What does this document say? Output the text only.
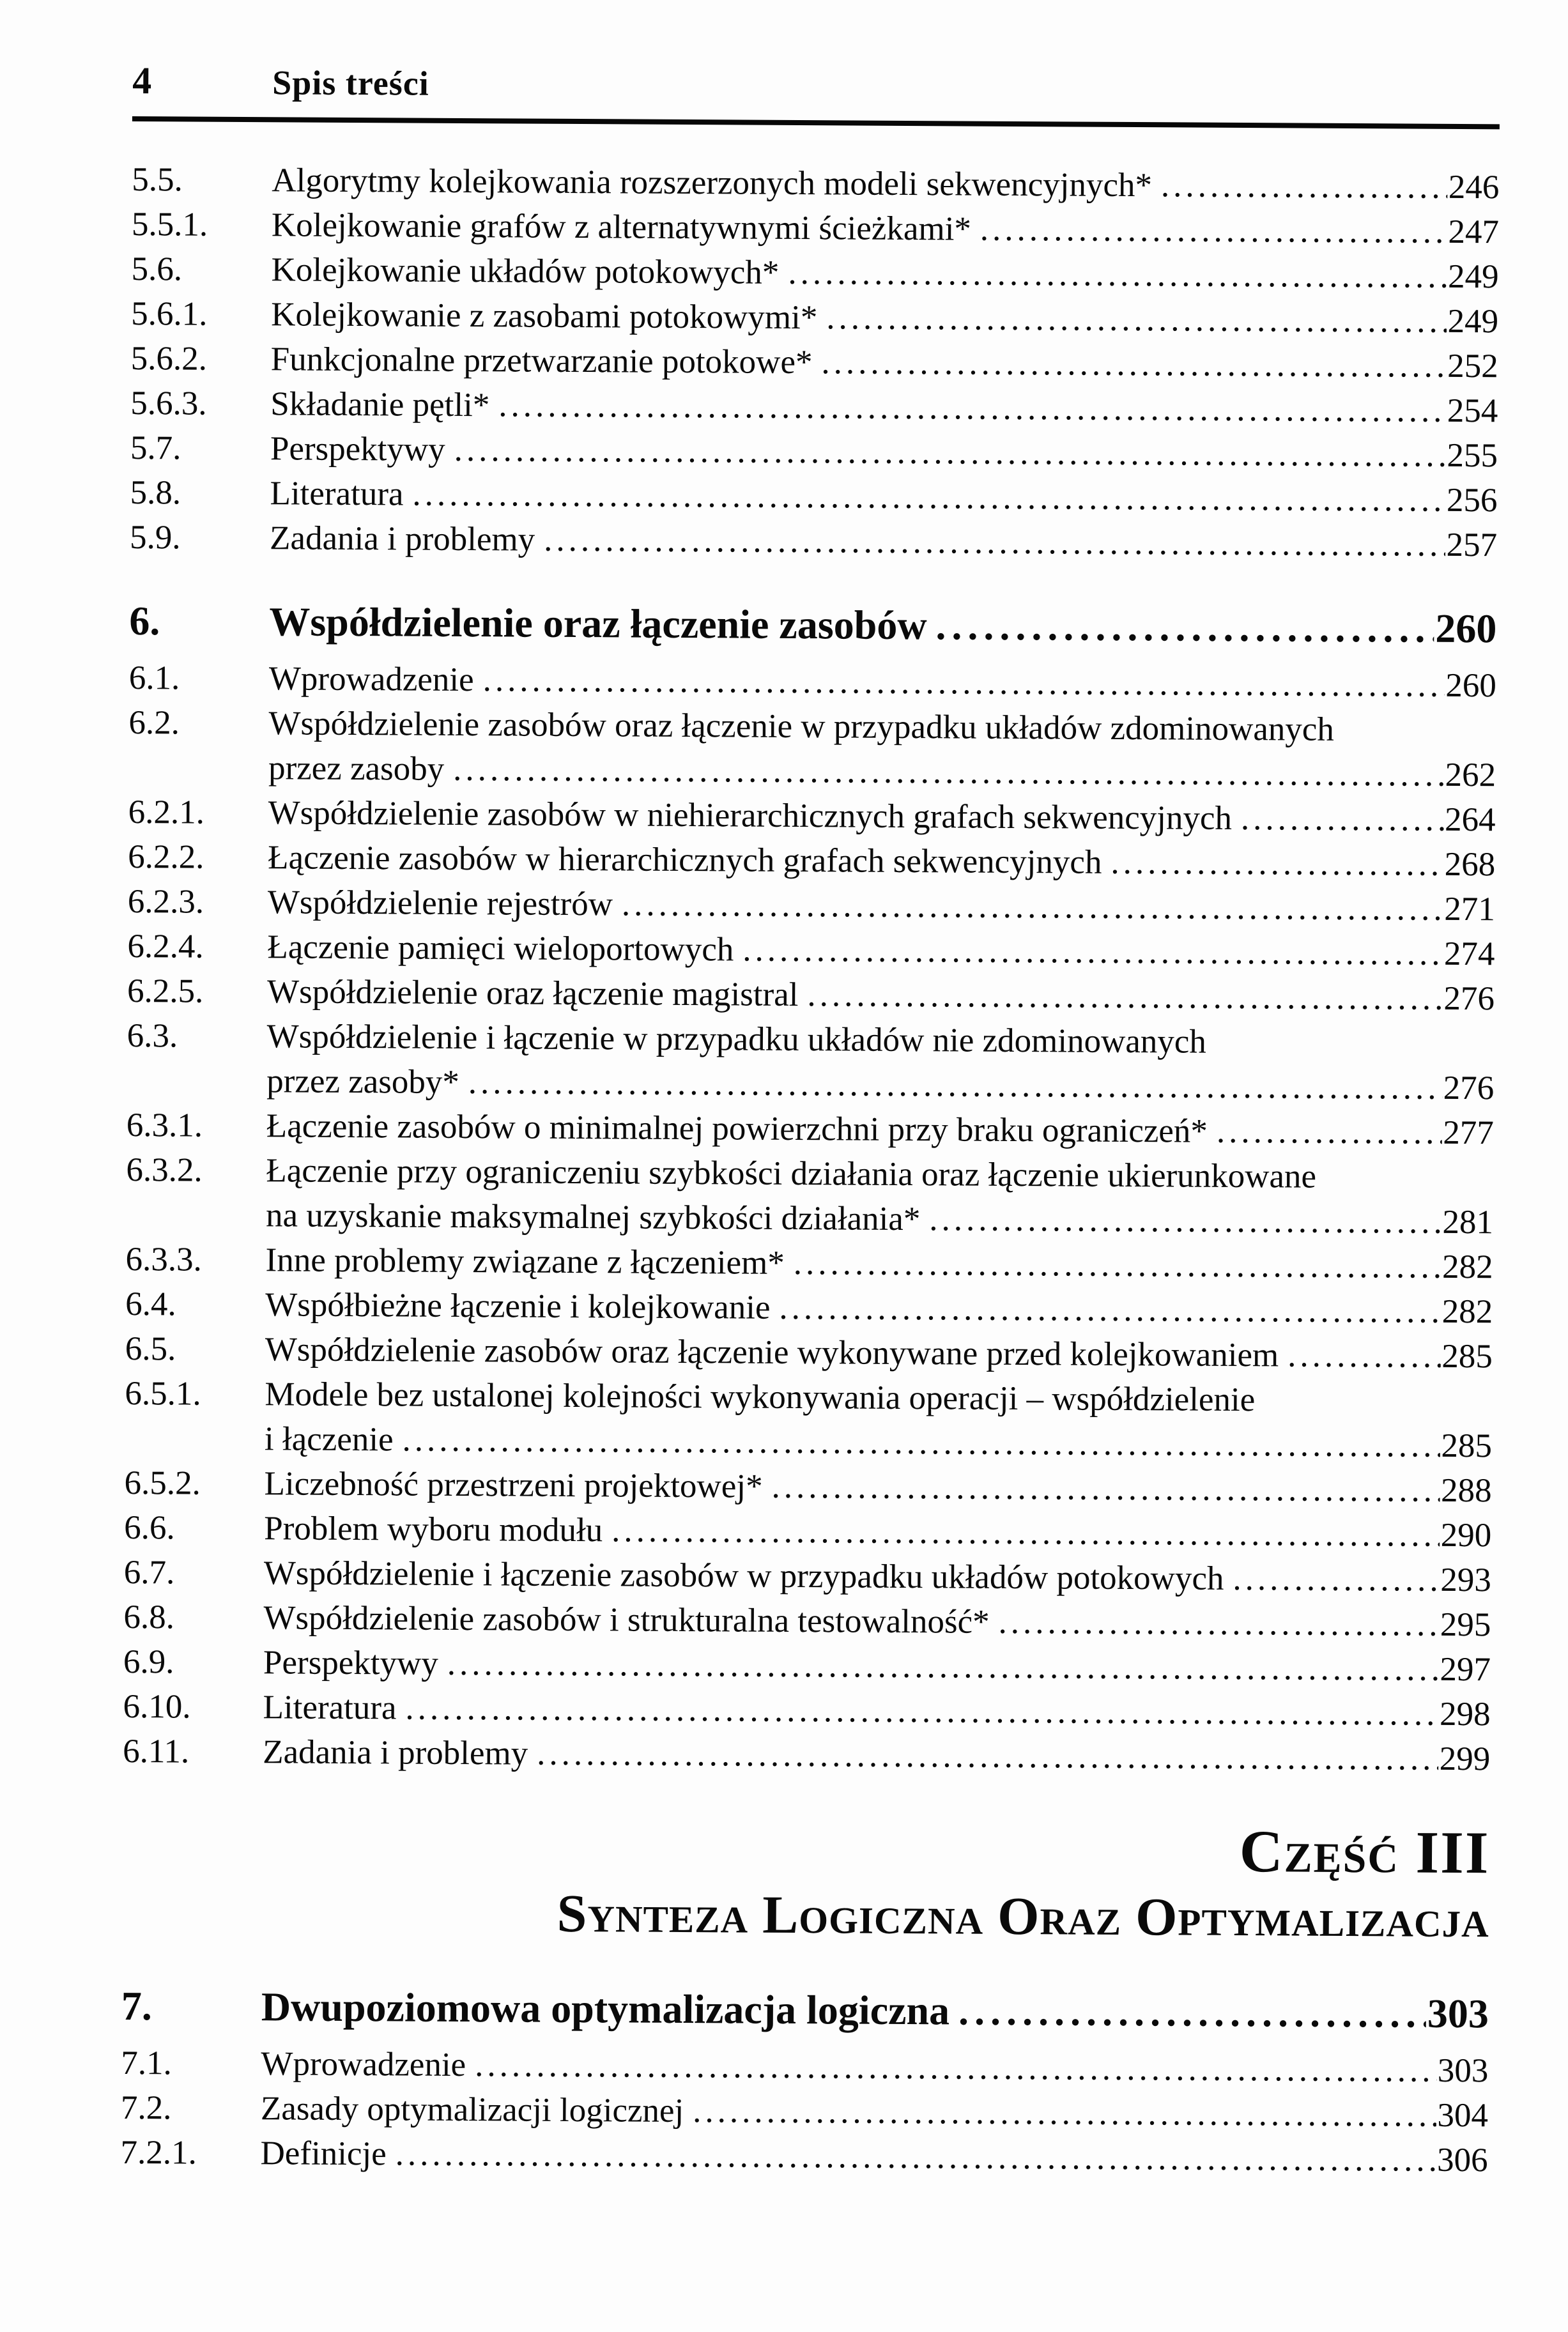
4	Spis treści
5.5.	Algorytmy kolejkowania rozszerzonych modeli sekwencyjnych* .....	246
5.5.1.	Kolejkowanie grafów z alternatywnymi ścieżkami* .....	247
5.6.	Kolejkowanie układów potokowych* .....	249
5.6.1.	Kolejkowanie z zasobami potokowymi* .....	249
5.6.2.	Funkcjonalne przetwarzanie potokowe* .....	252
5.6.3.	Składanie pętli* .....	254
5.7.	Perspektywy .....	255
5.8.	Literatura .....	256
5.9.	Zadania i problemy .....	257
6.	Współdzielenie oraz łączenie zasobów .....	260
6.1.	Wprowadzenie .....	260
6.2.	Współdzielenie zasobów oraz łączenie w przypadku układów zdominowanych
przez zasoby .....	262
6.2.1.	Współdzielenie zasobów w niehierarchicznych grafach sekwencyjnych .....	264
6.2.2.	Łączenie zasobów w hierarchicznych grafach sekwencyjnych .....	268
6.2.3.	Współdzielenie rejestrów .....	271
6.2.4.	Łączenie pamięci wieloportowych .....	274
6.2.5.	Współdzielenie oraz łączenie magistral .....	276
6.3.	Współdzielenie i łączenie w przypadku układów nie zdominowanych
przez zasoby* .....	276
6.3.1.	Łączenie zasobów o minimalnej powierzchni przy braku ograniczeń* .....	277
6.3.2.	Łączenie przy ograniczeniu szybkości działania oraz łączenie ukierunkowane
na uzyskanie maksymalnej szybkości działania* .....	281
6.3.3.	Inne problemy związane z łączeniem* .....	282
6.4.	Współbieżne łączenie i kolejkowanie .....	282
6.5.	Współdzielenie zasobów oraz łączenie wykonywane przed kolejkowaniem .....	285
6.5.1.	Modele bez ustalonej kolejności wykonywania operacji – współdzielenie
i łączenie .....	285
6.5.2.	Liczebność przestrzeni projektowej* .....	288
6.6.	Problem wyboru modułu .....	290
6.7.	Współdzielenie i łączenie zasobów w przypadku układów potokowych .....	293
6.8.	Współdzielenie zasobów i strukturalna testowalność* .....	295
6.9.	Perspektywy .....	297
6.10.	Literatura .....	298
6.11.	Zadania i problemy .....	299
Część III
Synteza Logiczna Oraz Optymalizacja
7.	Dwupoziomowa optymalizacja logiczna .....	303
7.1.	Wprowadzenie .....	303
7.2.	Zasady optymalizacji logicznej .....	304
7.2.1.	Definicje .....	306
